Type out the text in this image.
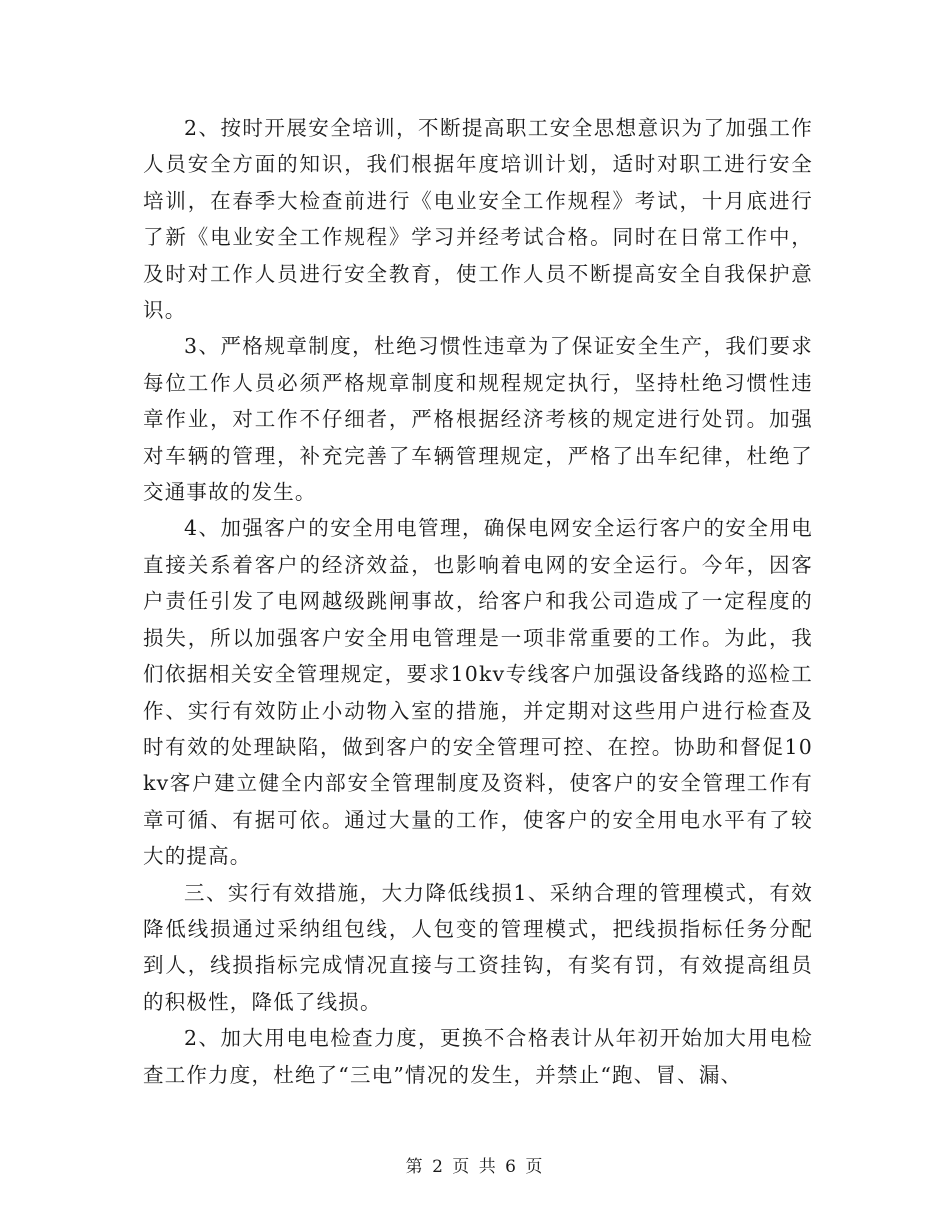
2、按时开展安全培训，不断提高职工安全思想意识为了加强工作人员安全方面的知识，我们根据年度培训计划，适时对职工进行安全培训，在春季大检查前进行《电业安全工作规程》考试，十月底进行了新《电业安全工作规程》学习并经考试合格。同时在日常工作中，及时对工作人员进行安全教育，使工作人员不断提高安全自我保护意识。

3、严格规章制度，杜绝习惯性违章为了保证安全生产，我们要求每位工作人员必须严格规章制度和规程规定执行，坚持杜绝习惯性违章作业，对工作不仔细者，严格根据经济考核的规定进行处罚。加强对车辆的管理，补充完善了车辆管理规定，严格了出车纪律，杜绝了交通事故的发生。

4、加强客户的安全用电管理，确保电网安全运行客户的安全用电直接关系着客户的经济效益，也影响着电网的安全运行。今年，因客户责任引发了电网越级跳闸事故，给客户和我公司造成了一定程度的损失，所以加强客户安全用电管理是一项非常重要的工作。为此，我们依据相关安全管理规定，要求10kv专线客户加强设备线路的巡检工作、实行有效防止小动物入室的措施，并定期对这些用户进行检查及时有效的处理缺陷，做到客户的安全管理可控、在控。协助和督促10kv客户建立健全内部安全管理制度及资料，使客户的安全管理工作有章可循、有据可依。通过大量的工作，使客户的安全用电水平有了较大的提高。

三、实行有效措施，大力降低线损1、采纳合理的管理模式，有效降低线损通过采纳组包线，人包变的管理模式，把线损指标任务分配到人，线损指标完成情况直接与工资挂钩，有奖有罚，有效提高组员的积极性，降低了线损。

2、加大用电电检查力度，更换不合格表计从年初开始加大用电检查工作力度，杜绝了“三电”情况的发生，并禁止“跑、冒、漏、

第 2 页 共 6 页
